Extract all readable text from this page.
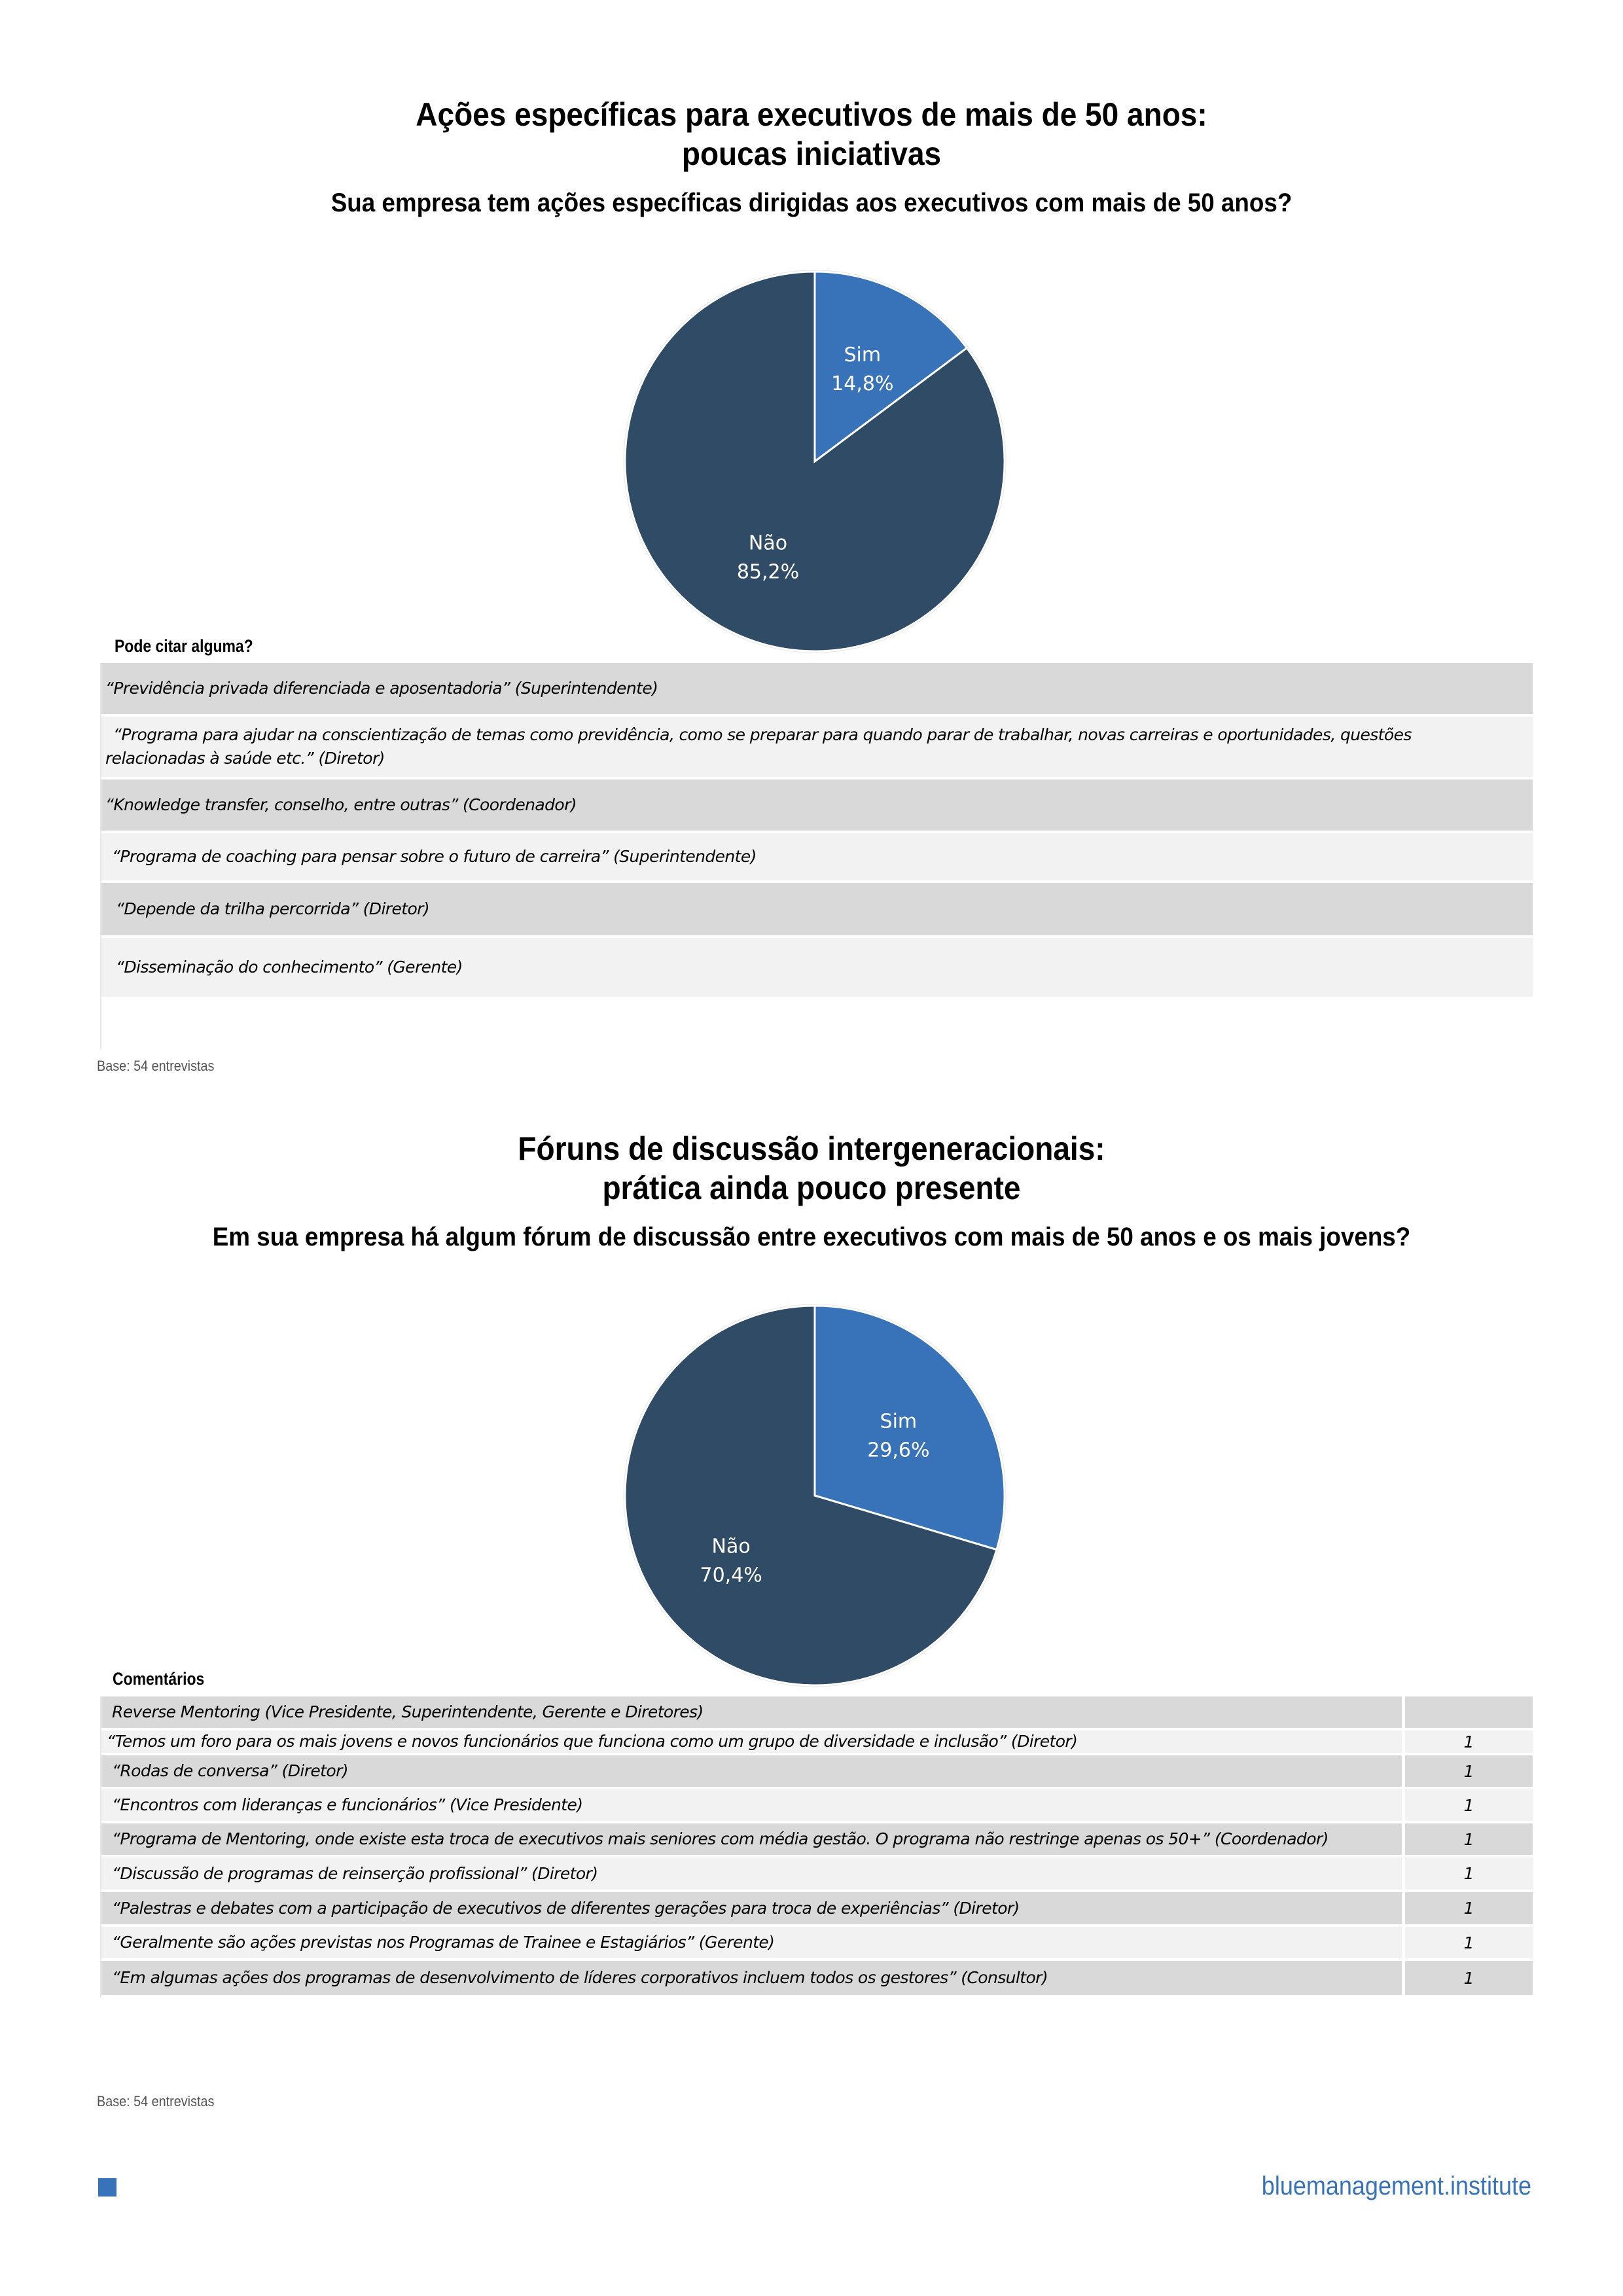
Ações específicas para executivos de mais de 50 anos:
poucas iniciativas
Sua empresa tem ações específicas dirigidas aos executivos com mais de 50 anos?
Sim
14,8%
Não
85,2%
Pode citar alguma?
“Previdência privada diferenciada e aposentadoria” (Superintendente)
“Programa para ajudar na conscientização de temas como previdência, como se preparar para quando parar de trabalhar, novas carreiras e oportunidades, questões relacionadas à saúde etc.” (Diretor)
“Knowledge transfer, conselho, entre outras” (Coordenador)
“Programa de coaching para pensar sobre o futuro de carreira” (Superintendente)
“Depende da trilha percorrida” (Diretor)
“Disseminação do conhecimento” (Gerente)
Base: 54 entrevistas
Fóruns de discussão intergeneracionais:
prática ainda pouco presente
Em sua empresa há algum fórum de discussão entre executivos com mais de 50 anos e os mais jovens?
Sim
29,6%
Não
70,4%
Comentários
Reverse Mentoring (Vice Presidente, Superintendente, Gerente e Diretores)
“Temos um foro para os mais jovens e novos funcionários que funciona como um grupo de diversidade e inclusão” (Diretor)	1
“Rodas de conversa” (Diretor)	1
“Encontros com lideranças e funcionários” (Vice Presidente)	1
“Programa de Mentoring, onde existe esta troca de executivos mais seniores com média gestão. O programa não restringe apenas os 50+” (Coordenador)	1
“Discussão de programas de reinserção profissional” (Diretor)	1
“Palestras e debates com a participação de executivos de diferentes gerações para troca de experiências” (Diretor)	1
“Geralmente são ações previstas nos Programas de Trainee e Estagiários” (Gerente)	1
“Em algumas ações dos programas de desenvolvimento de líderes corporativos incluem todos os gestores” (Consultor)	1
Base: 54 entrevistas
bluemanagement.institute
